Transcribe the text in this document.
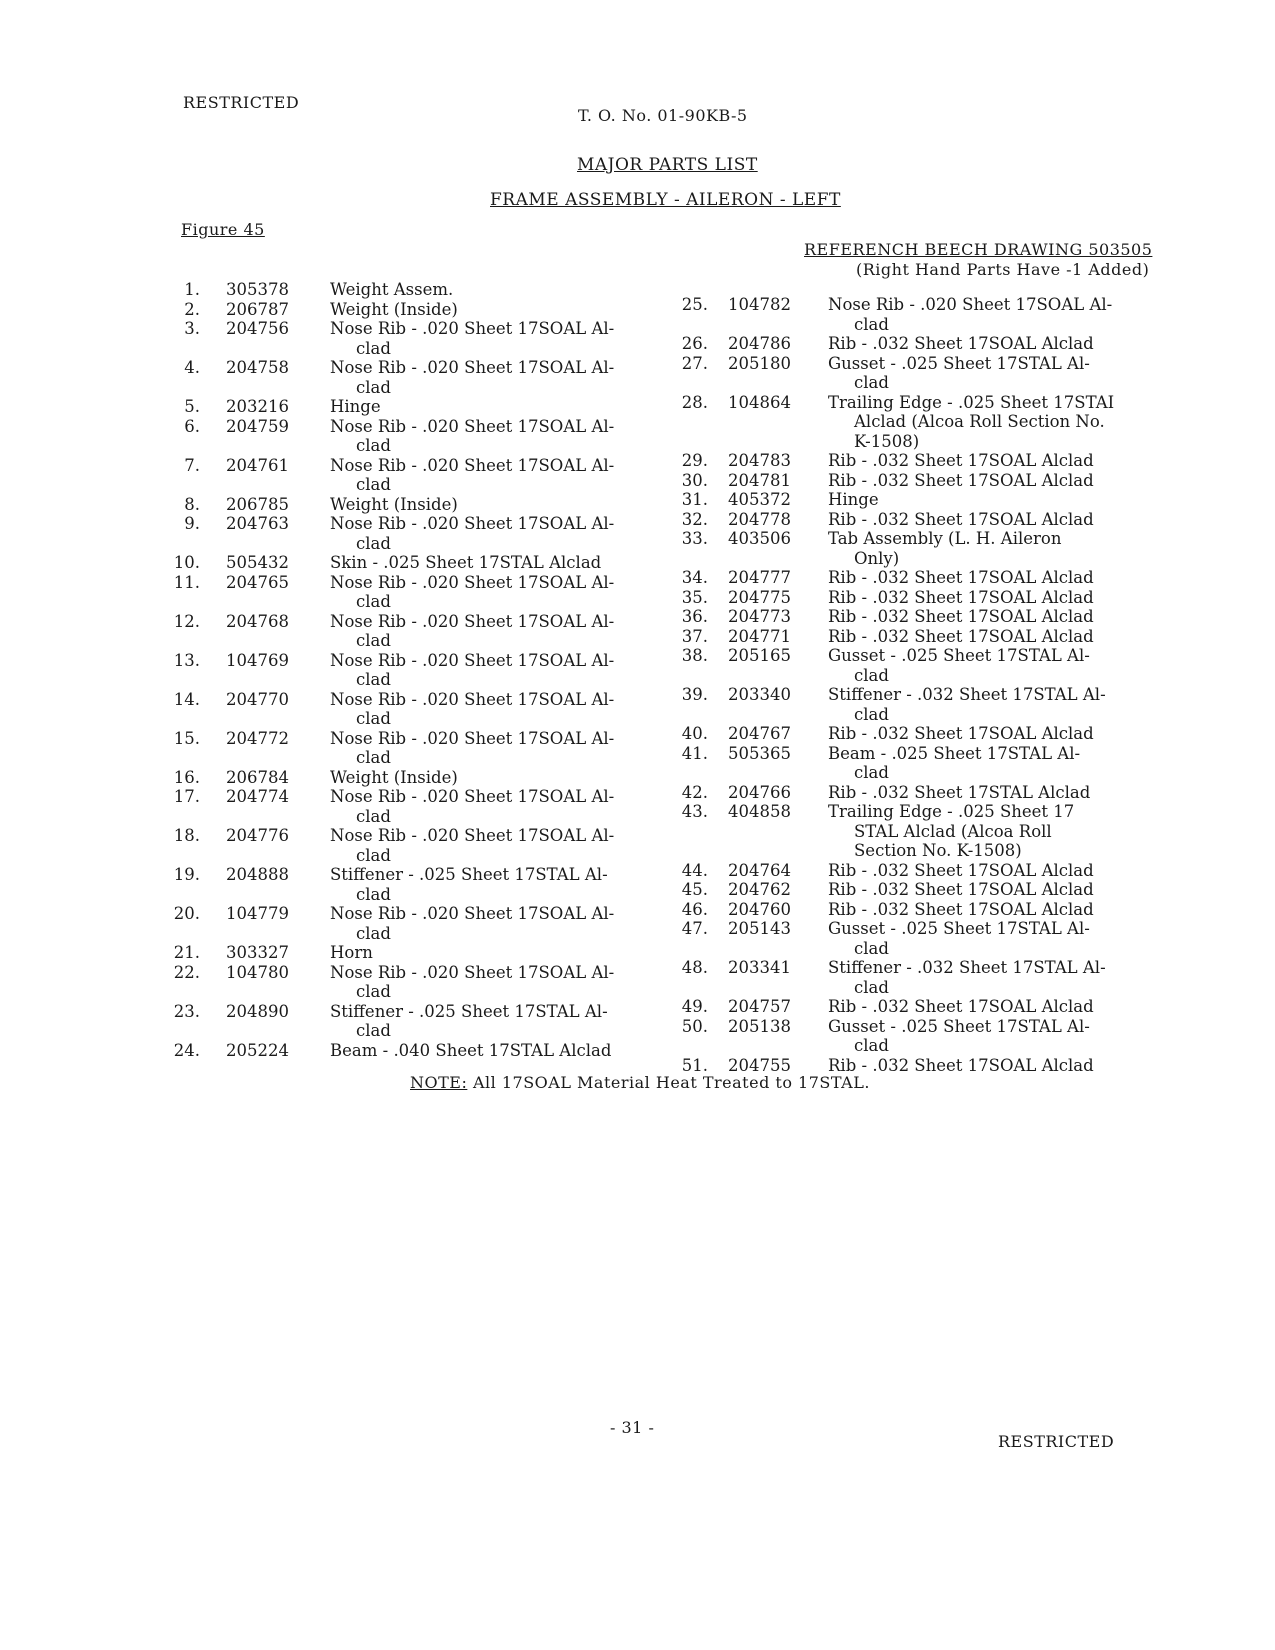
RESTRICTED
T. O. No. 01-90KB-5
MAJOR PARTS LIST
FRAME ASSEMBLY - AILERON - LEFT
Figure 45
REFERENCH BEECH DRAWING 503505
(Right Hand Parts Have -1 Added)
1. 305378 Weight Assem.
2. 206787 Weight (Inside)
3. 204756 Nose Rib - .020 Sheet 17SOAL Al-
clad
4. 204758 Nose Rib - .020 Sheet 17SOAL Al-
clad
5. 203216 Hinge
6. 204759 Nose Rib - .020 Sheet 17SOAL Al-
clad
7. 204761 Nose Rib - .020 Sheet 17SOAL Al-
clad
8. 206785 Weight (Inside)
9. 204763 Nose Rib - .020 Sheet 17SOAL Al-
clad
10. 505432 Skin - .025 Sheet 17STAL Alclad
11. 204765 Nose Rib - .020 Sheet 17SOAL Al-
clad
12. 204768 Nose Rib - .020 Sheet 17SOAL Al-
clad
13. 104769 Nose Rib - .020 Sheet 17SOAL Al-
clad
14. 204770 Nose Rib - .020 Sheet 17SOAL Al-
clad
15. 204772 Nose Rib - .020 Sheet 17SOAL Al-
clad
16. 206784 Weight (Inside)
17. 204774 Nose Rib - .020 Sheet 17SOAL Al-
clad
18. 204776 Nose Rib - .020 Sheet 17SOAL Al-
clad
19. 204888 Stiffener - .025 Sheet 17STAL Al-
clad
20. 104779 Nose Rib - .020 Sheet 17SOAL Al-
clad
21. 303327 Horn
22. 104780 Nose Rib - .020 Sheet 17SOAL Al-
clad
23. 204890 Stiffener - .025 Sheet 17STAL Al-
clad
24. 205224 Beam - .040 Sheet 17STAL Alclad
25. 104782 Nose Rib - .020 Sheet 17SOAL Al-
clad
26. 204786 Rib - .032 Sheet 17SOAL Alclad
27. 205180 Gusset - .025 Sheet 17STAL Al-
clad
28. 104864 Trailing Edge - .025 Sheet 17STAI
Alclad (Alcoa Roll Section No.
K-1508)
29. 204783 Rib - .032 Sheet 17SOAL Alclad
30. 204781 Rib - .032 Sheet 17SOAL Alclad
31. 405372 Hinge
32. 204778 Rib - .032 Sheet 17SOAL Alclad
33. 403506 Tab Assembly (L. H. Aileron
Only)
34. 204777 Rib - .032 Sheet 17SOAL Alclad
35. 204775 Rib - .032 Sheet 17SOAL Alclad
36. 204773 Rib - .032 Sheet 17SOAL Alclad
37. 204771 Rib - .032 Sheet 17SOAL Alclad
38. 205165 Gusset - .025 Sheet 17STAL Al-
clad
39. 203340 Stiffener - .032 Sheet 17STAL Al-
clad
40. 204767 Rib - .032 Sheet 17SOAL Alclad
41. 505365 Beam - .025 Sheet 17STAL Al-
clad
42. 204766 Rib - .032 Sheet 17STAL Alclad
43. 404858 Trailing Edge - .025 Sheet 17
STAL Alclad (Alcoa Roll
Section No. K-1508)
44. 204764 Rib - .032 Sheet 17SOAL Alclad
45. 204762 Rib - .032 Sheet 17SOAL Alclad
46. 204760 Rib - .032 Sheet 17SOAL Alclad
47. 205143 Gusset - .025 Sheet 17STAL Al-
clad
48. 203341 Stiffener - .032 Sheet 17STAL Al-
clad
49. 204757 Rib - .032 Sheet 17SOAL Alclad
50. 205138 Gusset - .025 Sheet 17STAL Al-
clad
51. 204755 Rib - .032 Sheet 17SOAL Alclad
NOTE: All 17SOAL Material Heat Treated to 17STAL.
- 31 -
RESTRICTED
